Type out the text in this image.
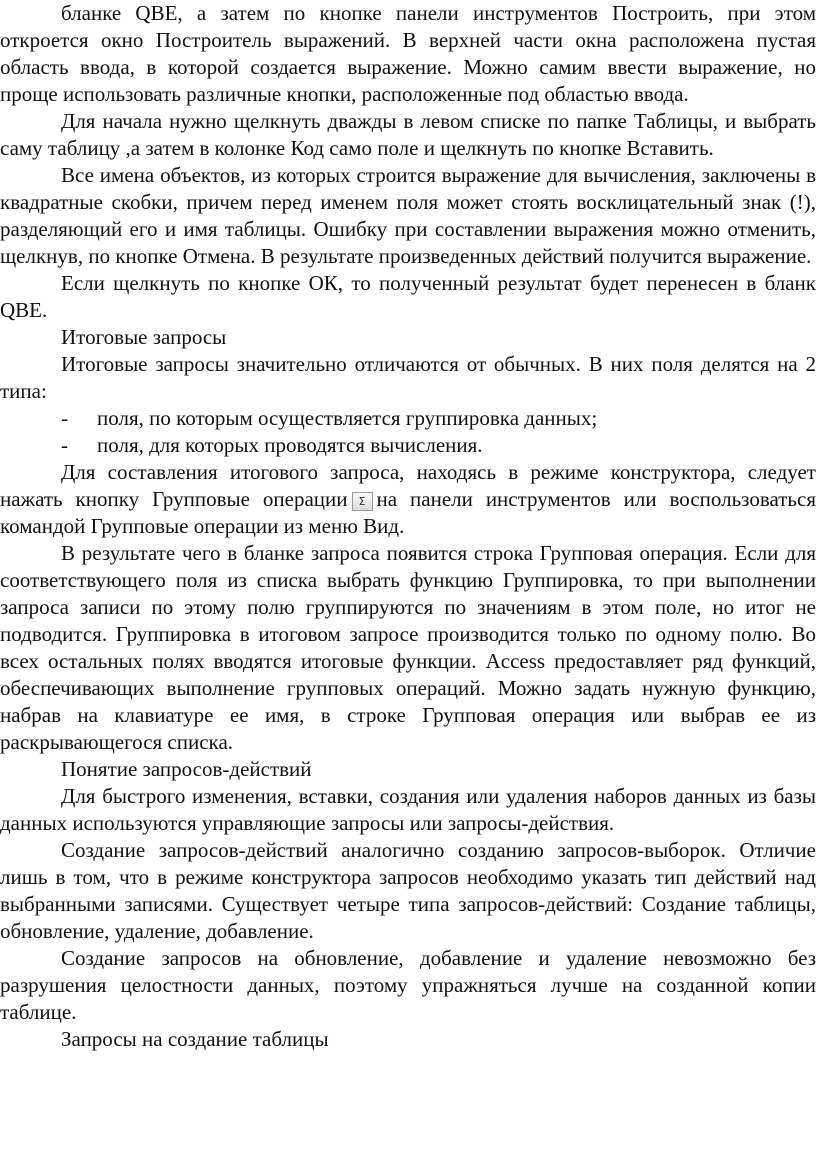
бланке QBE, а затем по кнопке панели инструментов Построить, при этом откроется окно Построитель выражений. В верхней части окна расположена пустая область ввода, в которой создается выражение. Можно самим ввести выражение, но проще использовать различные кнопки, расположенные под областью ввода.

Для начала нужно щелкнуть дважды в левом списке по папке Таблицы, и выбрать саму таблицу ,а затем в колонке Код само поле и щелкнуть по кнопке Вставить.

Все имена объектов, из которых строится выражение для вычисления, заключены в квадратные скобки, причем перед именем поля может стоять восклицательный знак (!), разделяющий его и имя таблицы. Ошибку при составлении выражения можно отменить, щелкнув, по кнопке Отмена. В результате произведенных действий получится выражение.

Если щелкнуть по кнопке ОК, то полученный результат будет перенесен в бланк QBE.

Итоговые запросы

Итоговые запросы значительно отличаются от обычных. В них поля делятся на 2 типа:

-	поля, по которым осуществляется группировка данных;
-	поля, для которых проводятся вычисления.

Для составления итогового запроса, находясь в режиме конструктора, следует нажать кнопку Групповые операции Σ на панели инструментов или воспользоваться командой Групповые операции из меню Вид.

В результате чего в бланке запроса появится строка Групповая операция. Если для соответствующего поля из списка выбрать функцию Группировка, то при выполнении запроса записи по этому полю группируются по значениям в этом поле, но итог не подводится. Группировка в итоговом запросе производится только по одному полю. Во всех остальных полях вводятся итоговые функции. Access предоставляет ряд функций, обеспечивающих выполнение групповых операций. Можно задать нужную функцию, набрав на клавиатуре ее имя, в строке Групповая операция или выбрав ее из раскрывающегося списка.

Понятие запросов-действий

Для быстрого изменения, вставки, создания или удаления наборов данных из базы данных используются управляющие запросы или запросы-действия.

Создание запросов-действий аналогично созданию запросов-выборок. Отличие лишь в том, что в режиме конструктора запросов необходимо указать тип действий над выбранными записями. Существует четыре типа запросов-действий: Создание таблицы, обновление, удаление, добавление.

Создание запросов на обновление, добавление и удаление невозможно без разрушения целостности данных, поэтому упражняться лучше на созданной копии таблице.

Запросы на создание таблицы
